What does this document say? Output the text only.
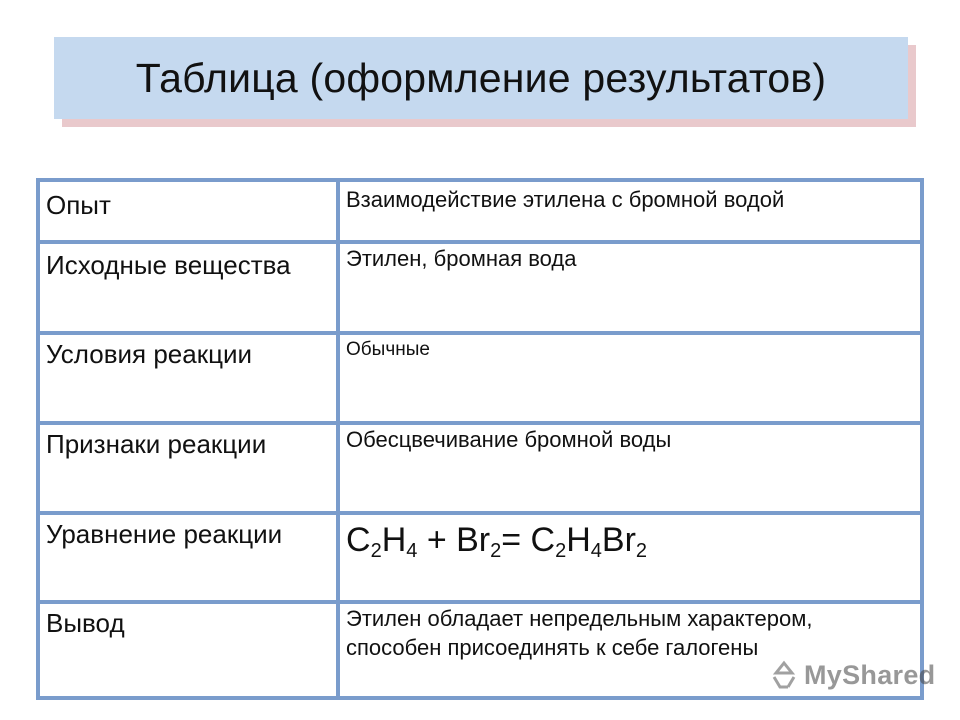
Таблица (оформление результатов)
Опыт	Взаимодействие этилена с бромной водой
Исходные вещества	Этилен, бромная вода
Условия реакции	Обычные
Признаки реакции	Обесцвечивание бромной воды
Уравнение реакции	$C_2H_4 + Br_2= C_2H_4Br_2$
Вывод	Этилен обладает непредельным характером, способен присоединять к себе галогены
MyShared
